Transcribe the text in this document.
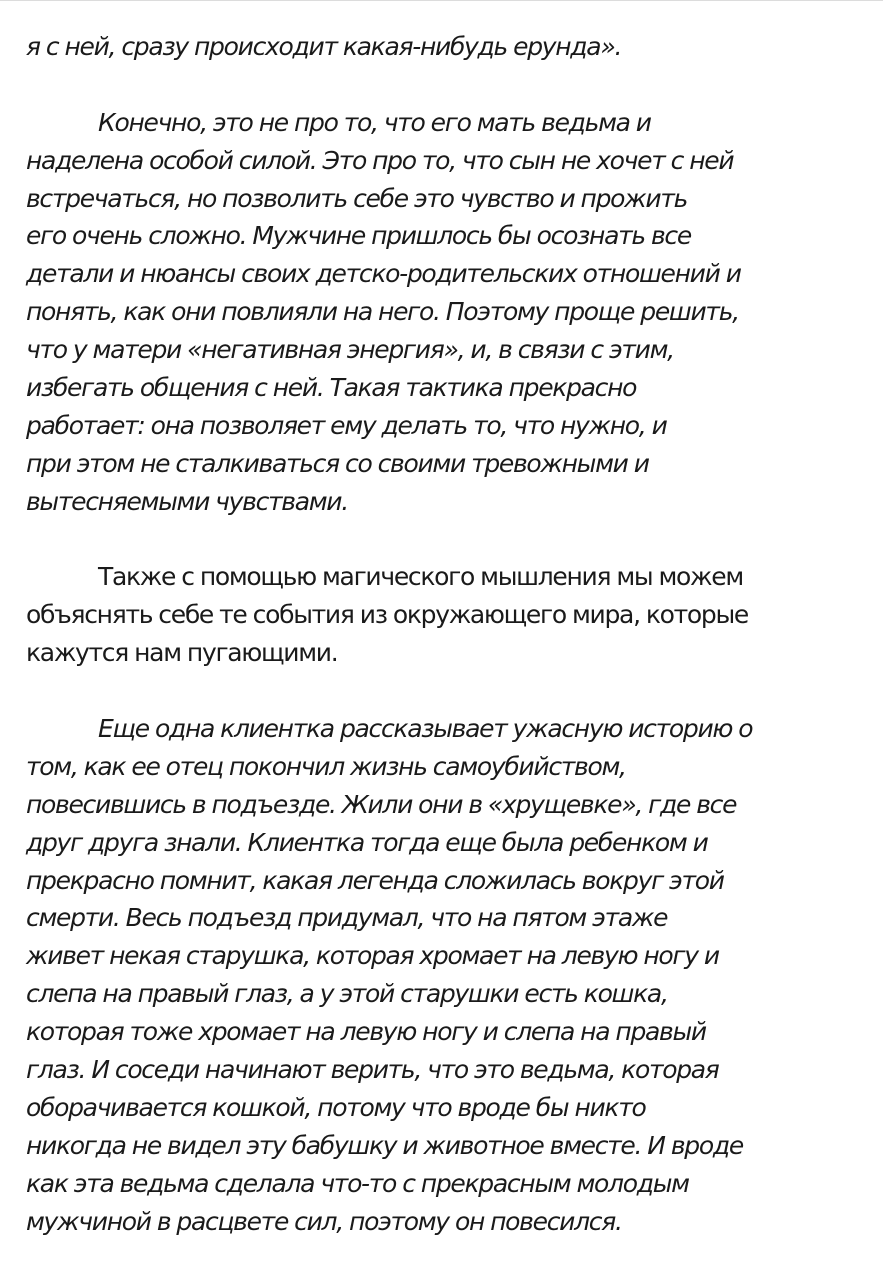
я с ней, сразу происходит какая-нибудь ерунда».
Конечно, это не про то, что его мать ведьма и
наделена особой силой. Это про то, что сын не хочет с ней
встречаться, но позволить себе это чувство и прожить
его очень сложно. Мужчине пришлось бы осознать все
детали и нюансы своих детско-родительских отношений и
понять, как они повлияли на него. Поэтому проще решить,
что у матери «негативная энергия», и, в связи с этим,
избегать общения с ней. Такая тактика прекрасно
работает: она позволяет ему делать то, что нужно, и
при этом не сталкиваться со своими тревожными и
вытесняемыми чувствами.
Также с помощью магического мышления мы можем
объяснять себе те события из окружающего мира, которые
кажутся нам пугающими.
Еще одна клиентка рассказывает ужасную историю о
том, как ее отец покончил жизнь самоубийством,
повесившись в подъезде. Жили они в «хрущевке», где все
друг друга знали. Клиентка тогда еще была ребенком и
прекрасно помнит, какая легенда сложилась вокруг этой
смерти. Весь подъезд придумал, что на пятом этаже
живет некая старушка, которая хромает на левую ногу и
слепа на правый глаз, а у этой старушки есть кошка,
которая тоже хромает на левую ногу и слепа на правый
глаз. И соседи начинают верить, что это ведьма, которая
оборачивается кошкой, потому что вроде бы никто
никогда не видел эту бабушку и животное вместе. И вроде
как эта ведьма сделала что-то с прекрасным молодым
мужчиной в расцвете сил, поэтому он повесился.
